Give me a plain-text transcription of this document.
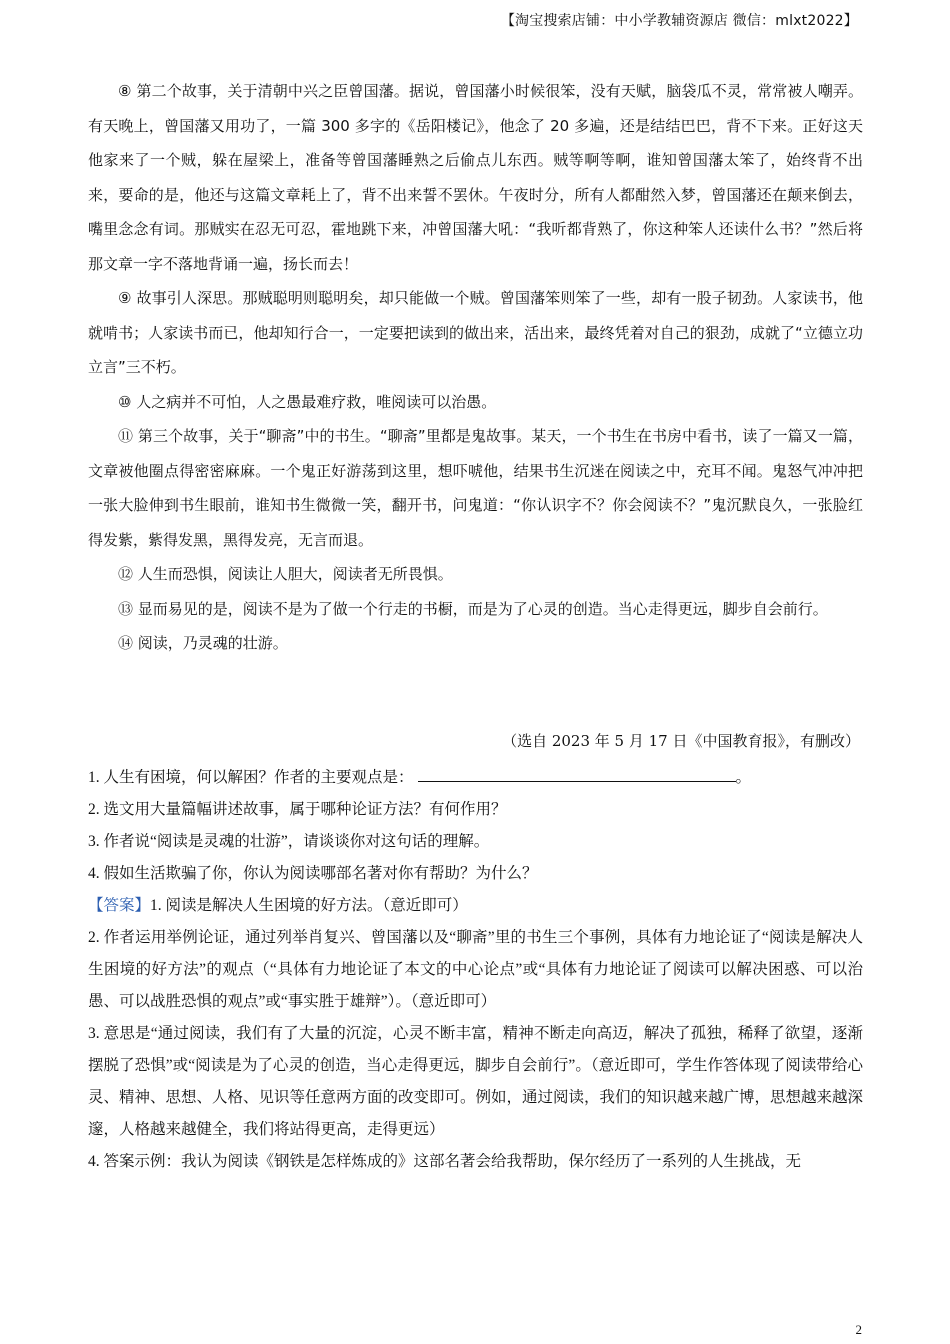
【淘宝搜索店铺：中小学教辅资源店 微信：mlxt2022】

⑧ 第二个故事，关于清朝中兴之臣曾国藩。据说，曾国藩小时候很笨，没有天赋，脑袋瓜不灵，常常被人嘲弄。有天晚上，曾国藩又用功了，一篇 300 多字的《岳阳楼记》，他念了 20 多遍，还是结结巴巴，背不下来。正好这天他家来了一个贼，躲在屋梁上，准备等曾国藩睡熟之后偷点儿东西。贼等啊等啊，谁知曾国藩太笨了，始终背不出来，要命的是，他还与这篇文章耗上了，背不出来誓不罢休。午夜时分，所有人都酣然入梦，曾国藩还在颠来倒去，嘴里念念有词。那贼实在忍无可忍，霍地跳下来，冲曾国藩大吼：“我听都背熟了，你这种笨人还读什么书？”然后将那文章一字不落地背诵一遍，扬长而去！

⑨ 故事引人深思。那贼聪明则聪明矣，却只能做一个贼。曾国藩笨则笨了一些，却有一股子韧劲。人家读书，他就啃书；人家读书而已，他却知行合一，一定要把读到的做出来，活出来，最终凭着对自己的狠劲，成就了“立德立功立言”三不朽。

⑩ 人之病并不可怕，人之愚最难疗救，唯阅读可以治愚。

⑪ 第三个故事，关于“聊斋”中的书生。“聊斋”里都是鬼故事。某天，一个书生在书房中看书，读了一篇又一篇，文章被他圈点得密密麻麻。一个鬼正好游荡到这里，想吓唬他，结果书生沉迷在阅读之中，充耳不闻。鬼怒气冲冲把一张大脸伸到书生眼前，谁知书生微微一笑，翻开书，问鬼道：“你认识字不？你会阅读不？”鬼沉默良久，一张脸红得发紫，紫得发黑，黑得发亮，无言而退。

⑫ 人生而恐惧，阅读让人胆大，阅读者无所畏惧。

⑬ 显而易见的是，阅读不是为了做一个行走的书橱，而是为了心灵的创造。当心走得更远，脚步自会前行。

⑭ 阅读，乃灵魂的壮游。

（选自 2023 年 5 月 17 日《中国教育报》，有删改）

1. 人生有困境，何以解困？作者的主要观点是：	。

2. 选文用大量篇幅讲述故事，属于哪种论证方法？有何作用？

3. 作者说“阅读是灵魂的壮游”，请谈谈你对这句话的理解。

4. 假如生活欺骗了你，你认为阅读哪部名著对你有帮助？为什么？

【答案】1. 阅读是解决人生困境的好方法。（意近即可）

2. 作者运用举例论证，通过列举肖复兴、曾国藩以及“聊斋”里的书生三个事例，具体有力地论证了“阅读是解决人生困境的好方法”的观点（“具体有力地论证了本文的中心论点”或“具体有力地论证了阅读可以解决困惑、可以治愚、可以战胜恐惧的观点”或“事实胜于雄辩”）。（意近即可）

3. 意思是“通过阅读，我们有了大量的沉淀，心灵不断丰富，精神不断走向高迈，解决了孤独，稀释了欲望，逐渐摆脱了恐惧”或“阅读是为了心灵的创造，当心走得更远，脚步自会前行”。（意近即可，学生作答体现了阅读带给心灵、精神、思想、人格、见识等任意两方面的改变即可。例如，通过阅读，我们的知识越来越广博，思想越来越深邃，人格越来越健全，我们将站得更高，走得更远）

4. 答案示例：我认为阅读《钢铁是怎样炼成的》这部名著会给我帮助，保尔经历了一系列的人生挑战，无

2
